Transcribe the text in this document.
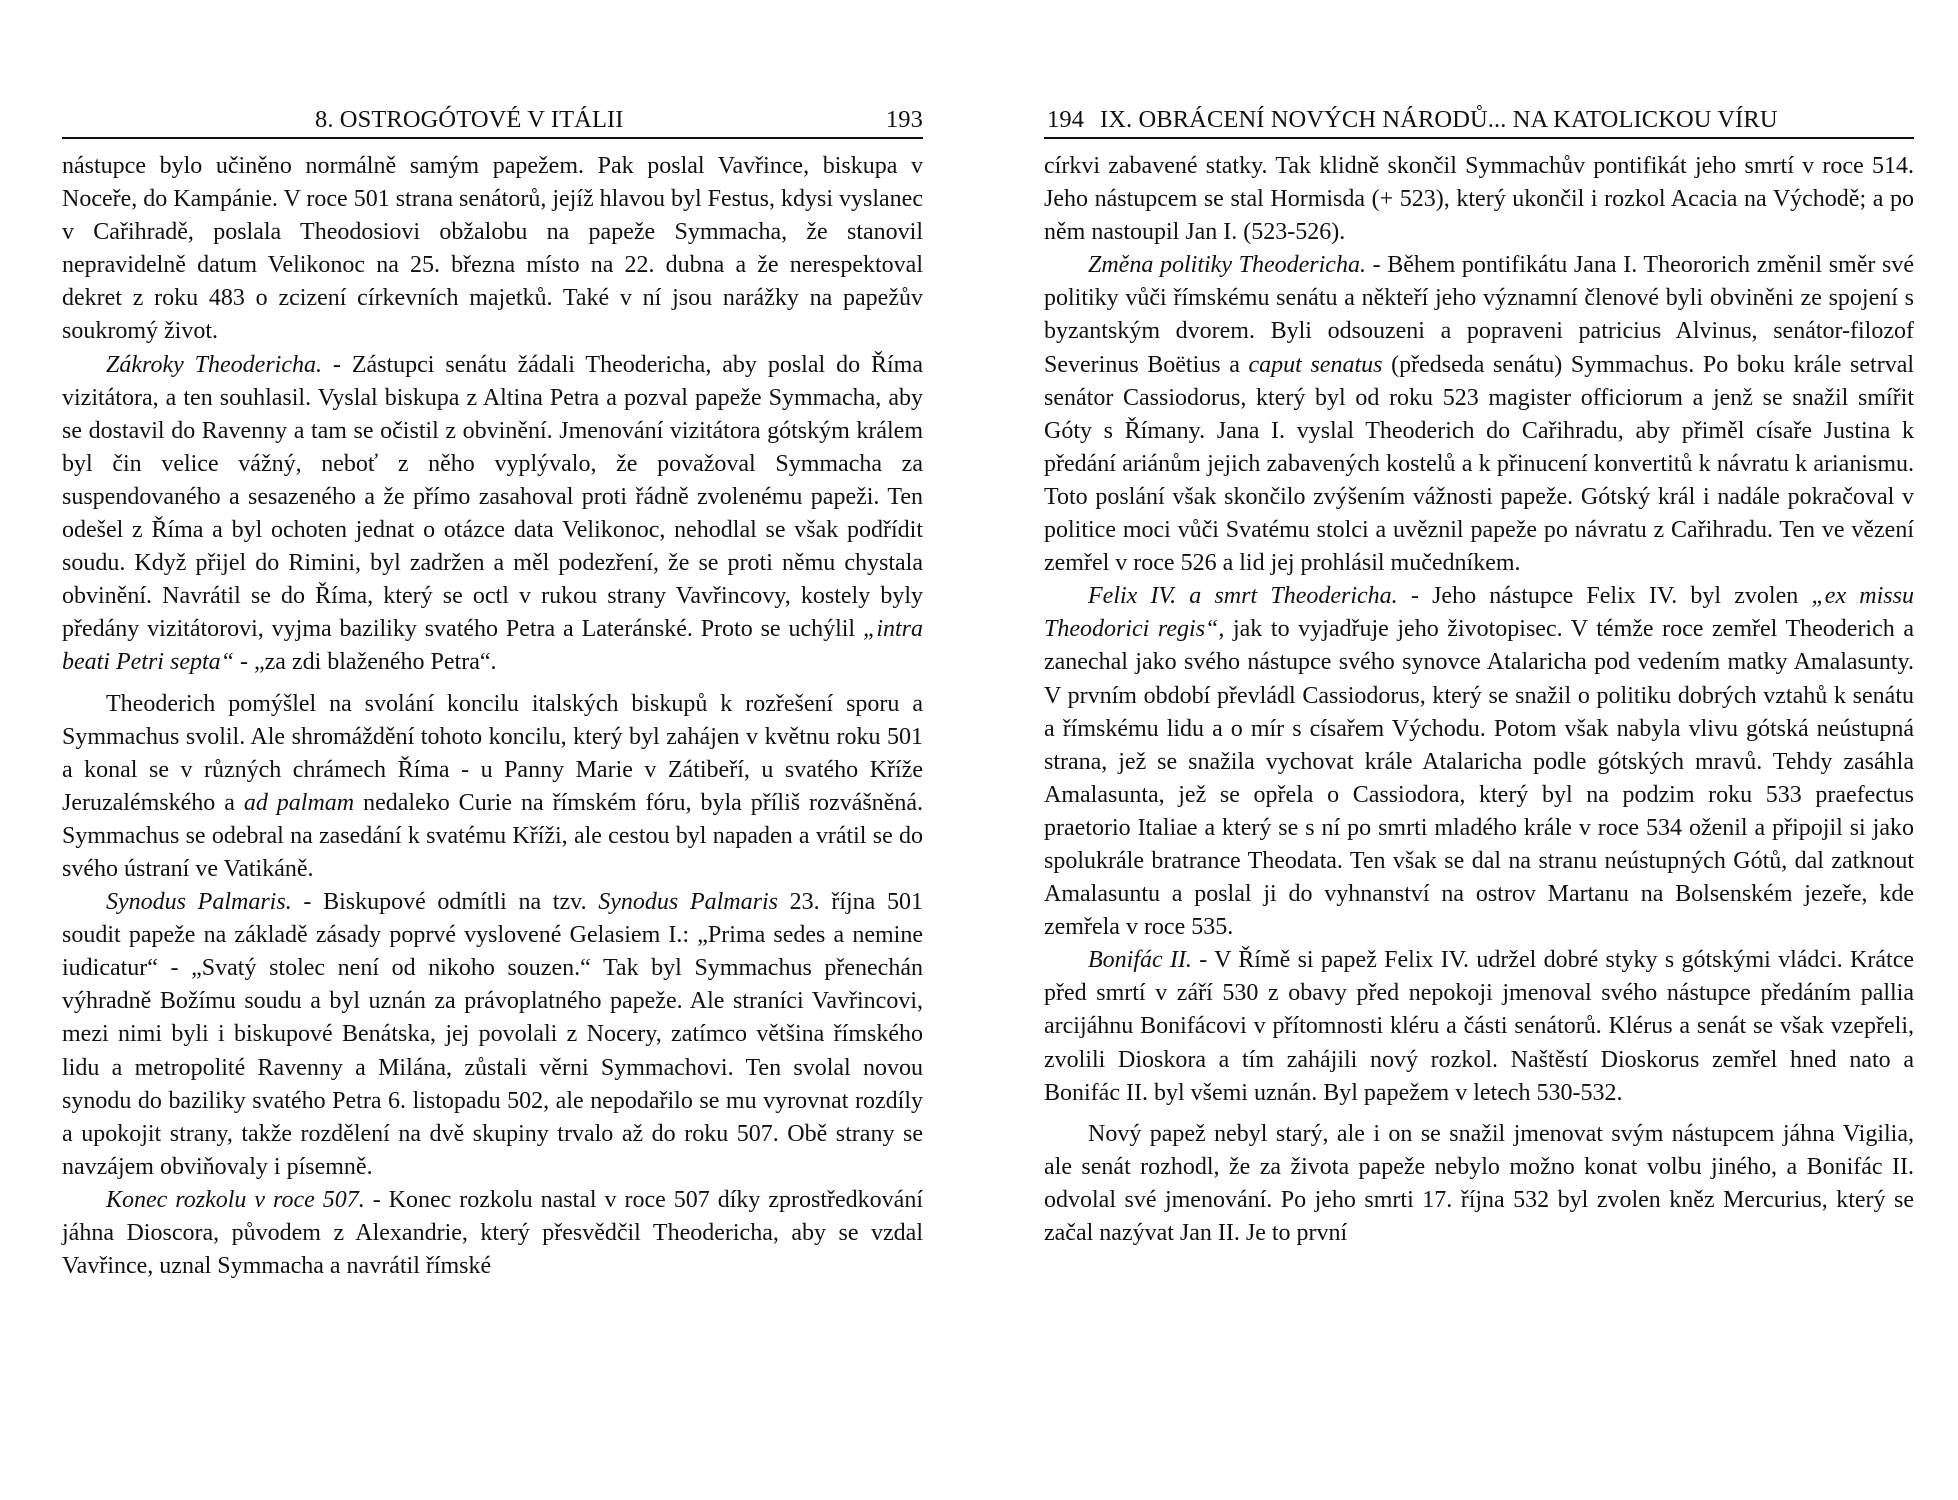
8. OSTROGÓTOVÉ V ITÁLII	193

nástupce bylo učiněno normálně samým papežem. Pak poslal Vavřince, biskupa v Noceře, do Kampánie. V roce 501 strana senátorů, jejíž hlavou byl Festus, kdysi vyslanec v Cařihradě, poslala Theodosiovi obžalobu na papeže Symmacha, že stanovil nepravidelně datum Velikonoc na 25. března místo na 22. dubna a že nerespektoval dekret z roku 483 o zcizení církevních majetků. Také v ní jsou narážky na papežův soukromý život.

Zákroky Theodericha. - Zástupci senátu žádali Theodericha, aby poslal do Říma vizitátora, a ten souhlasil. Vyslal biskupa z Altina Petra a pozval papeže Symmacha, aby se dostavil do Ravenny a tam se očistil z obvinění. Jmenování vizitátora gótským králem byl čin velice vážný, neboť z něho vyplývalo, že považoval Symmacha za suspendovaného a sesazeného a že přímo zasahoval proti řádně zvolenému papeži. Ten odešel z Říma a byl ochoten jednat o otázce data Velikonoc, nehodlal se však podřídit soudu. Když přijel do Rimini, byl zadržen a měl podezření, že se proti němu chystala obvinění. Navrátil se do Říma, který se octl v rukou strany Vavřincovy, kostely byly předány vizitátorovi, vyjma baziliky svatého Petra a Lateránské. Proto se uchýlil „intra beati Petri septa“ - „za zdi blaženého Petra“.

Theoderich pomýšlel na svolání koncilu italských biskupů k rozřešení sporu a Symmachus svolil. Ale shromáždění tohoto koncilu, který byl zahájen v květnu roku 501 a konal se v různých chrámech Říma - u Panny Marie v Zátibeří, u svatého Kříže Jeruzalémského a ad palmam nedaleko Curie na římském fóru, byla příliš rozvášněná. Symmachus se odebral na zasedání k svatému Kříži, ale cestou byl napaden a vrátil se do svého ústraní ve Vatikáně.

Synodus Palmaris. - Biskupové odmítli na tzv. Synodus Palmaris 23. října 501 soudit papeže na základě zásady poprvé vyslovené Gelasiem I.: „Prima sedes a nemine iudicatur“ - „Svatý stolec není od nikoho souzen.“ Tak byl Symmachus přenechán výhradně Božímu soudu a byl uznán za právoplatného papeže. Ale straníci Vavřincovi, mezi nimi byli i biskupové Benátska, jej povolali z Nocery, zatímco většina římského lidu a metropolité Ravenny a Milána, zůstali věrni Symmachovi. Ten svolal novou synodu do baziliky svatého Petra 6. listopadu 502, ale nepodařilo se mu vyrovnat rozdíly a upokojit strany, takže rozdělení na dvě skupiny trvalo až do roku 507. Obě strany se navzájem obviňovaly i písemně.

Konec rozkolu v roce 507. - Konec rozkolu nastal v roce 507 díky zprostředkování jáhna Dioscora, původem z Alexandrie, který přesvědčil Theodericha, aby se vzdal Vavřince, uznal Symmacha a navrátil římské

194 IX. OBRÁCENÍ NOVÝCH NÁRODŮ... NA KATOLICKOU VÍRU

církvi zabavené statky. Tak klidně skončil Symmachův pontifikát jeho smrtí v roce 514. Jeho nástupcem se stal Hormisda (+ 523), který ukončil i rozkol Acacia na Východě; a po něm nastoupil Jan I. (523-526).

Změna politiky Theodericha. - Během pontifikátu Jana I. Theororich změnil směr své politiky vůči římskému senátu a někteří jeho významní členové byli obviněni ze spojení s byzantským dvorem. Byli odsouzeni a popraveni patricius Alvinus, senátor-filozof Severinus Boëtius a caput senatus (předseda senátu) Symmachus. Po boku krále setrval senátor Cassiodorus, který byl od roku 523 magister officiorum a jenž se snažil smířit Góty s Římany. Jana I. vyslal Theoderich do Cařihradu, aby přiměl císaře Justina k předání ariánům jejich zabavených kostelů a k přinucení konvertitů k návratu k arianismu. Toto poslání však skončilo zvýšením vážnosti papeže. Gótský král i nadále pokračoval v politice moci vůči Svatému stolci a uvěznil papeže po návratu z Cařihradu. Ten ve vězení zemřel v roce 526 a lid jej prohlásil mučedníkem.

Felix IV. a smrt Theodericha. - Jeho nástupce Felix IV. byl zvolen „ex missu Theodorici regis“, jak to vyjadřuje jeho životopisec. V témže roce zemřel Theoderich a zanechal jako svého nástupce svého synovce Atalaricha pod vedením matky Amalasunty. V prvním období převládl Cassiodorus, který se snažil o politiku dobrých vztahů k senátu a římskému lidu a o mír s císařem Východu. Potom však nabyla vlivu gótská neústupná strana, jež se snažila vychovat krále Atalaricha podle gótských mravů. Tehdy zasáhla Amalasunta, jež se opřela o Cassiodora, který byl na podzim roku 533 praefectus praetorio Italiae a který se s ní po smrti mladého krále v roce 534 oženil a připojil si jako spolukrále bratrance Theodata. Ten však se dal na stranu neústupných Gótů, dal zatknout Amalasuntu a poslal ji do vyhnanství na ostrov Martanu na Bolsenském jezeře, kde zemřela v roce 535.

Bonifác II. - V Římě si papež Felix IV. udržel dobré styky s gótskými vládci. Krátce před smrtí v září 530 z obavy před nepokoji jmenoval svého nástupce předáním pallia arcijáhnu Bonifácovi v přítomnosti kléru a části senátorů. Klérus a senát se však vzepřeli, zvolili Dioskora a tím zahájili nový rozkol. Naštěstí Dioskorus zemřel hned nato a Bonifác II. byl všemi uznán. Byl papežem v letech 530-532.

Nový papež nebyl starý, ale i on se snažil jmenovat svým nástupcem jáhna Vigilia, ale senát rozhodl, že za života papeže nebylo možno konat volbu jiného, a Bonifác II. odvolal své jmenování. Po jeho smrti 17. října 532 byl zvolen kněz Mercurius, který se začal nazývat Jan II. Je to první
